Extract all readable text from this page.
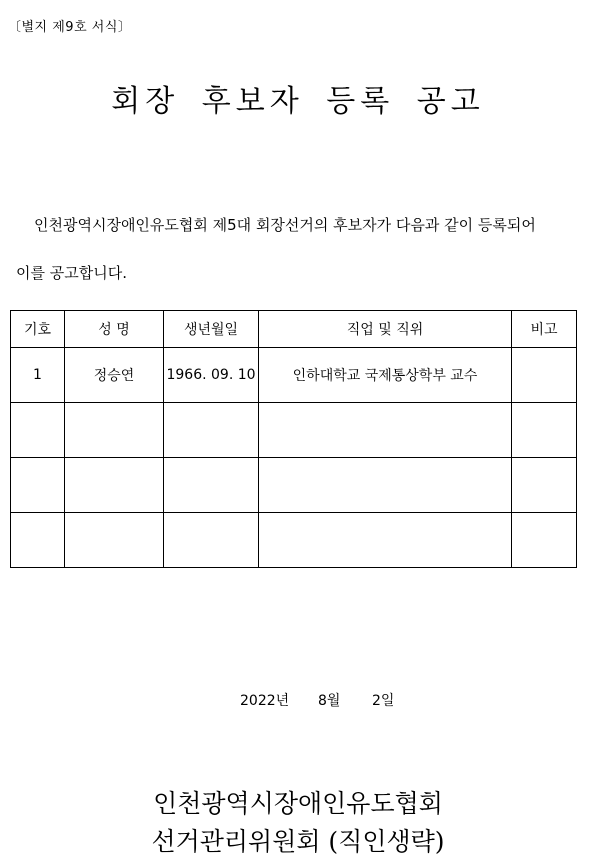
〔별지 제9호 서식〕
회장 후보자 등록 공고
인천광역시장애인유도협회 제5대 회장선거의 후보자가 다음과 같이 등록되어
이를 공고합니다.
기호	성 명	생년월일	직업 및 직위	비고
1	정승연	1966. 09. 10	인하대학교 국제통상학부 교수	

2022년 8월 2일
인천광역시장애인유도협회
선거관리위원회 (직인생략)
